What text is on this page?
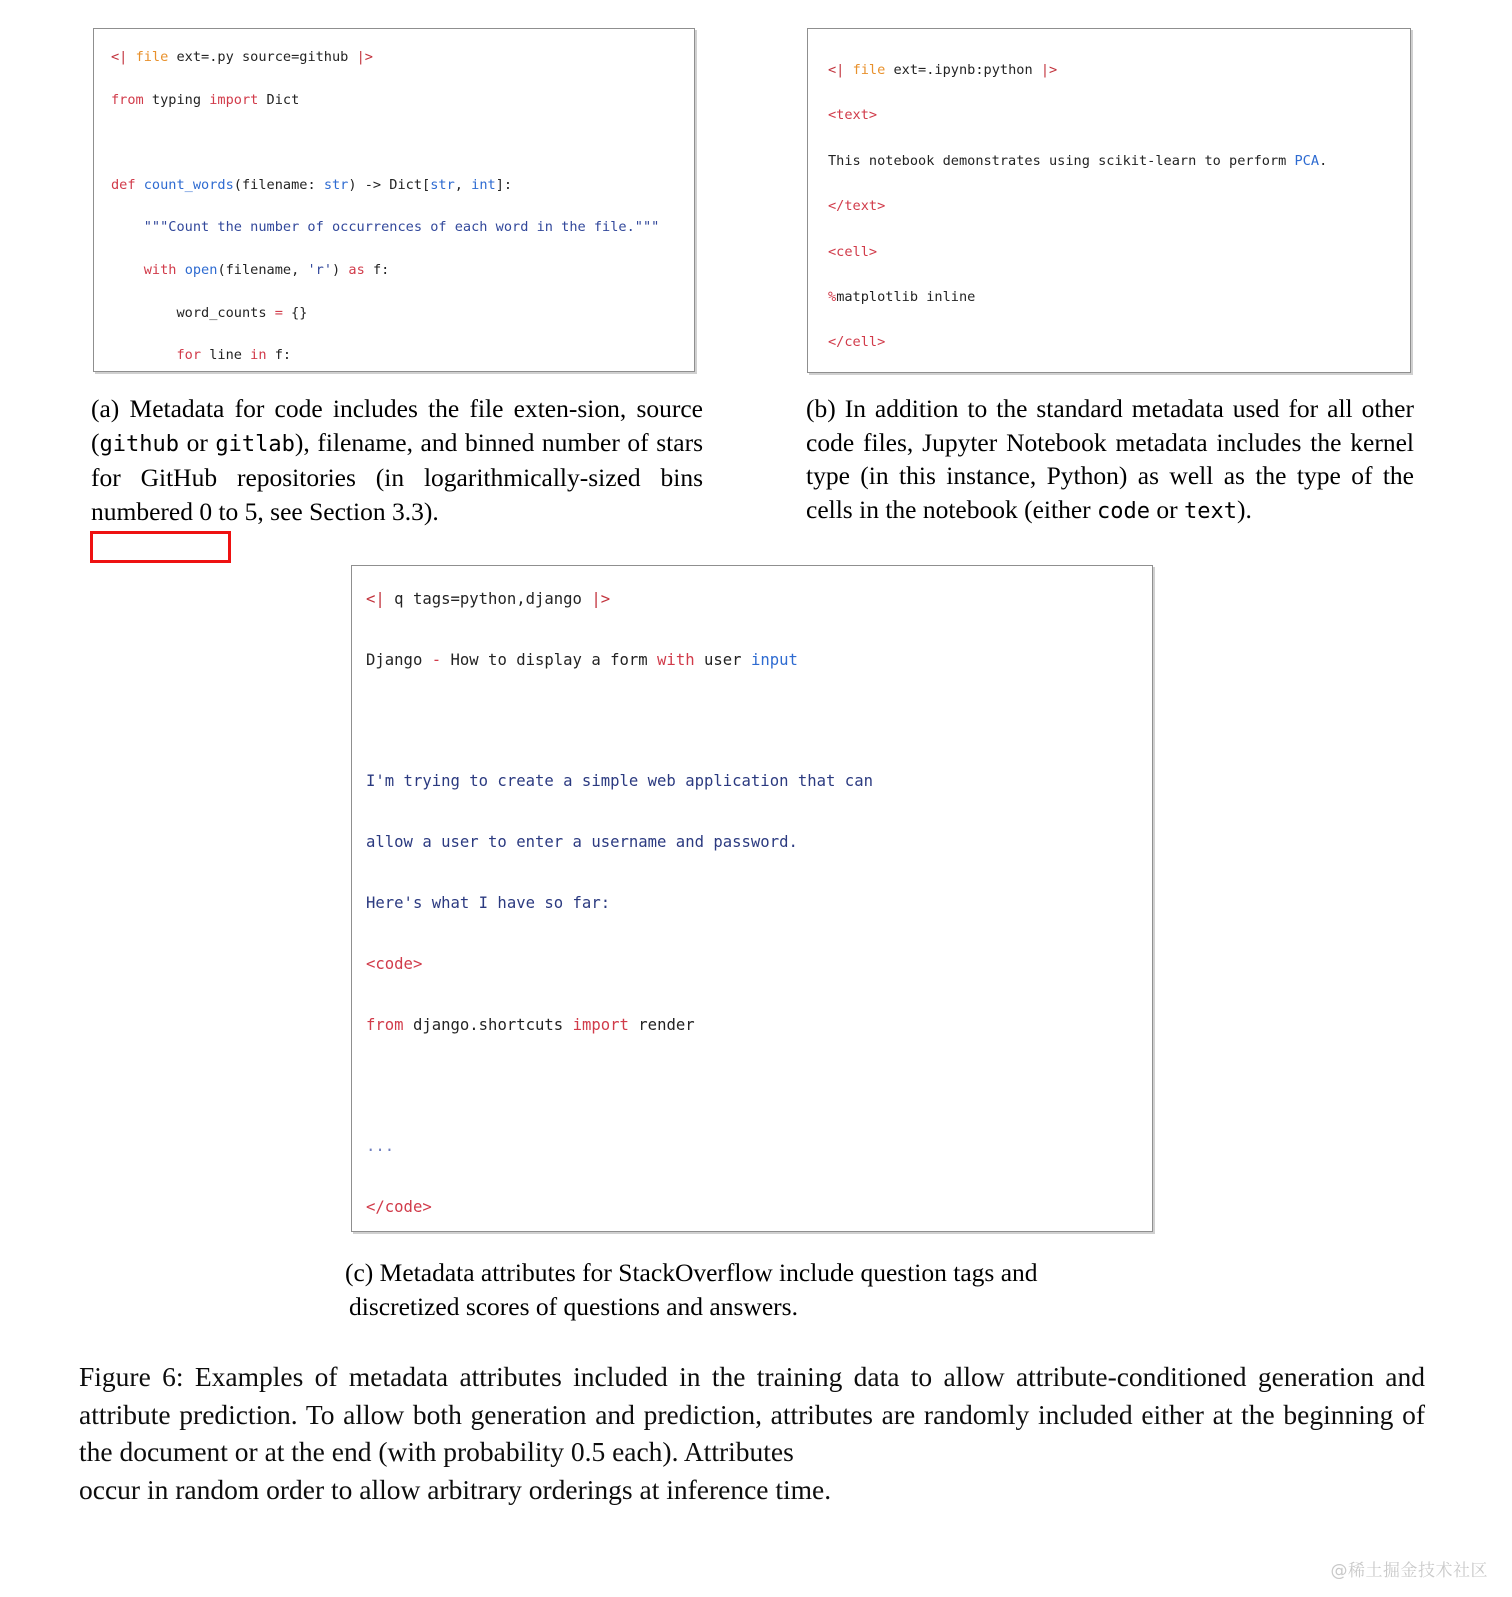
<| file ext=.py source=github |>

from typing import Dict

def count_words(filename: str) -> Dict[str, int]:

"""Count the number of occurrences of each word in the file."""

with open(filename, 'r') as f:

word_counts = {}

for line in f:

(a) Metadata for code includes the file exten-sion, source (github or gitlab), filename, and binned number of stars for GitHub repositories (in logarithmically-sized bins numbered 0 to 5, see Section 3.3).
<| file ext=.ipynb:python |>

<text>

This notebook demonstrates using scikit-learn to perform PCA.

</text>

<cell>

%matplotlib inline

</cell>

(b) In addition to the standard metadata used for all other code files, Jupyter Notebook metadata includes the kernel type (in this instance, Python) as well as the type of the cells in the notebook (either code or text).
<| q tags=python,django |>

Django - How to display a form with user input

I'm trying to create a simple web application that can

allow a user to enter a username and password.

Here's what I have so far:

<code>

from django.shortcuts import render

...

</code>

(c) Metadata attributes for StackOverflow include question tags and
discretized scores of questions and answers.
Figure 6: Examples of metadata attributes included in the training data to allow attribute-conditioned generation and attribute prediction. To allow both generation and prediction, attributes are randomly included either at the beginning of the document or at the end (with probability 0.5 each). Attributes
occur in random order to allow arbitrary orderings at inference time.
@稀土掘金技术社区
